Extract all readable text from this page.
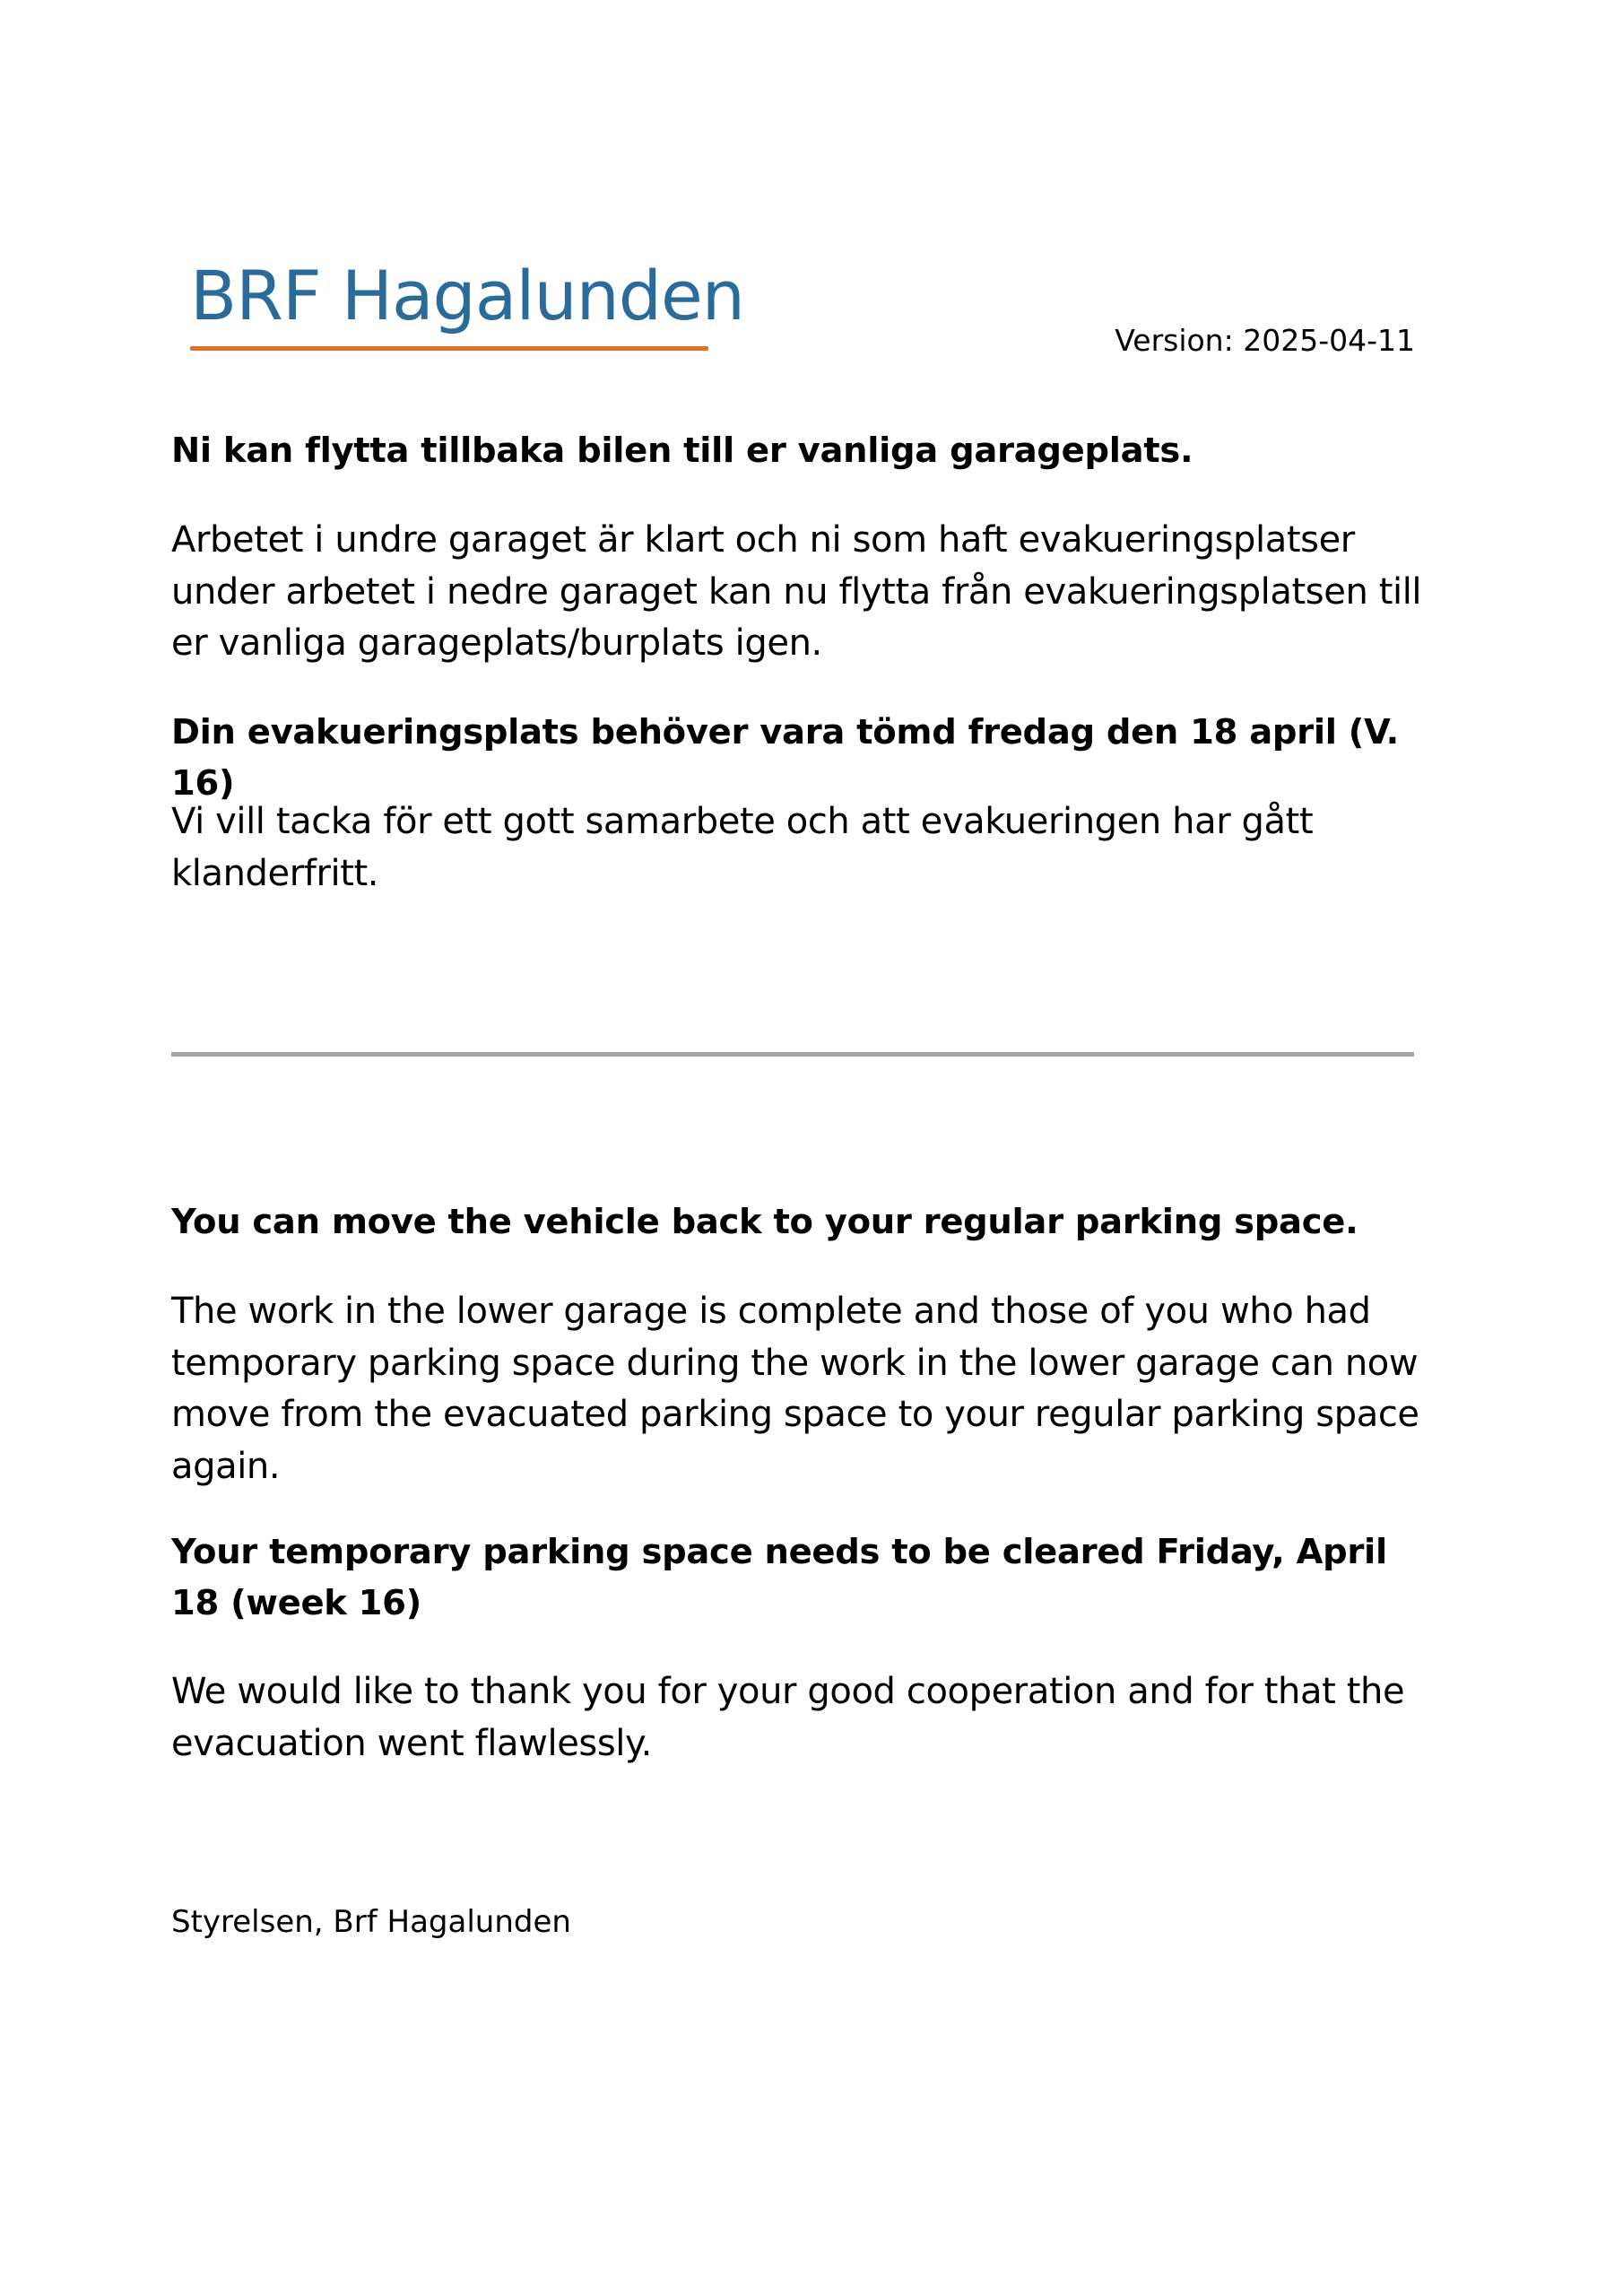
BRF Hagalunden
Version: 2025-04-11

Ni kan flytta tillbaka bilen till er vanliga garageplats.

Arbetet i undre garaget är klart och ni som haft evakueringsplatser under arbetet i nedre garaget kan nu flytta från evakueringsplatsen till er vanliga garageplats/burplats igen.

Din evakueringsplats behöver vara tömd fredag den 18 april (V. 16)

Vi vill tacka för ett gott samarbete och att evakueringen har gått klanderfritt.

You can move the vehicle back to your regular parking space.

The work in the lower garage is complete and those of you who had temporary parking space during the work in the lower garage can now move from the evacuated parking space to your regular parking space again.

Your temporary parking space needs to be cleared Friday, April 18 (week 16)

We would like to thank you for your good cooperation and for that the evacuation went flawlessly.

Styrelsen, Brf Hagalunden
